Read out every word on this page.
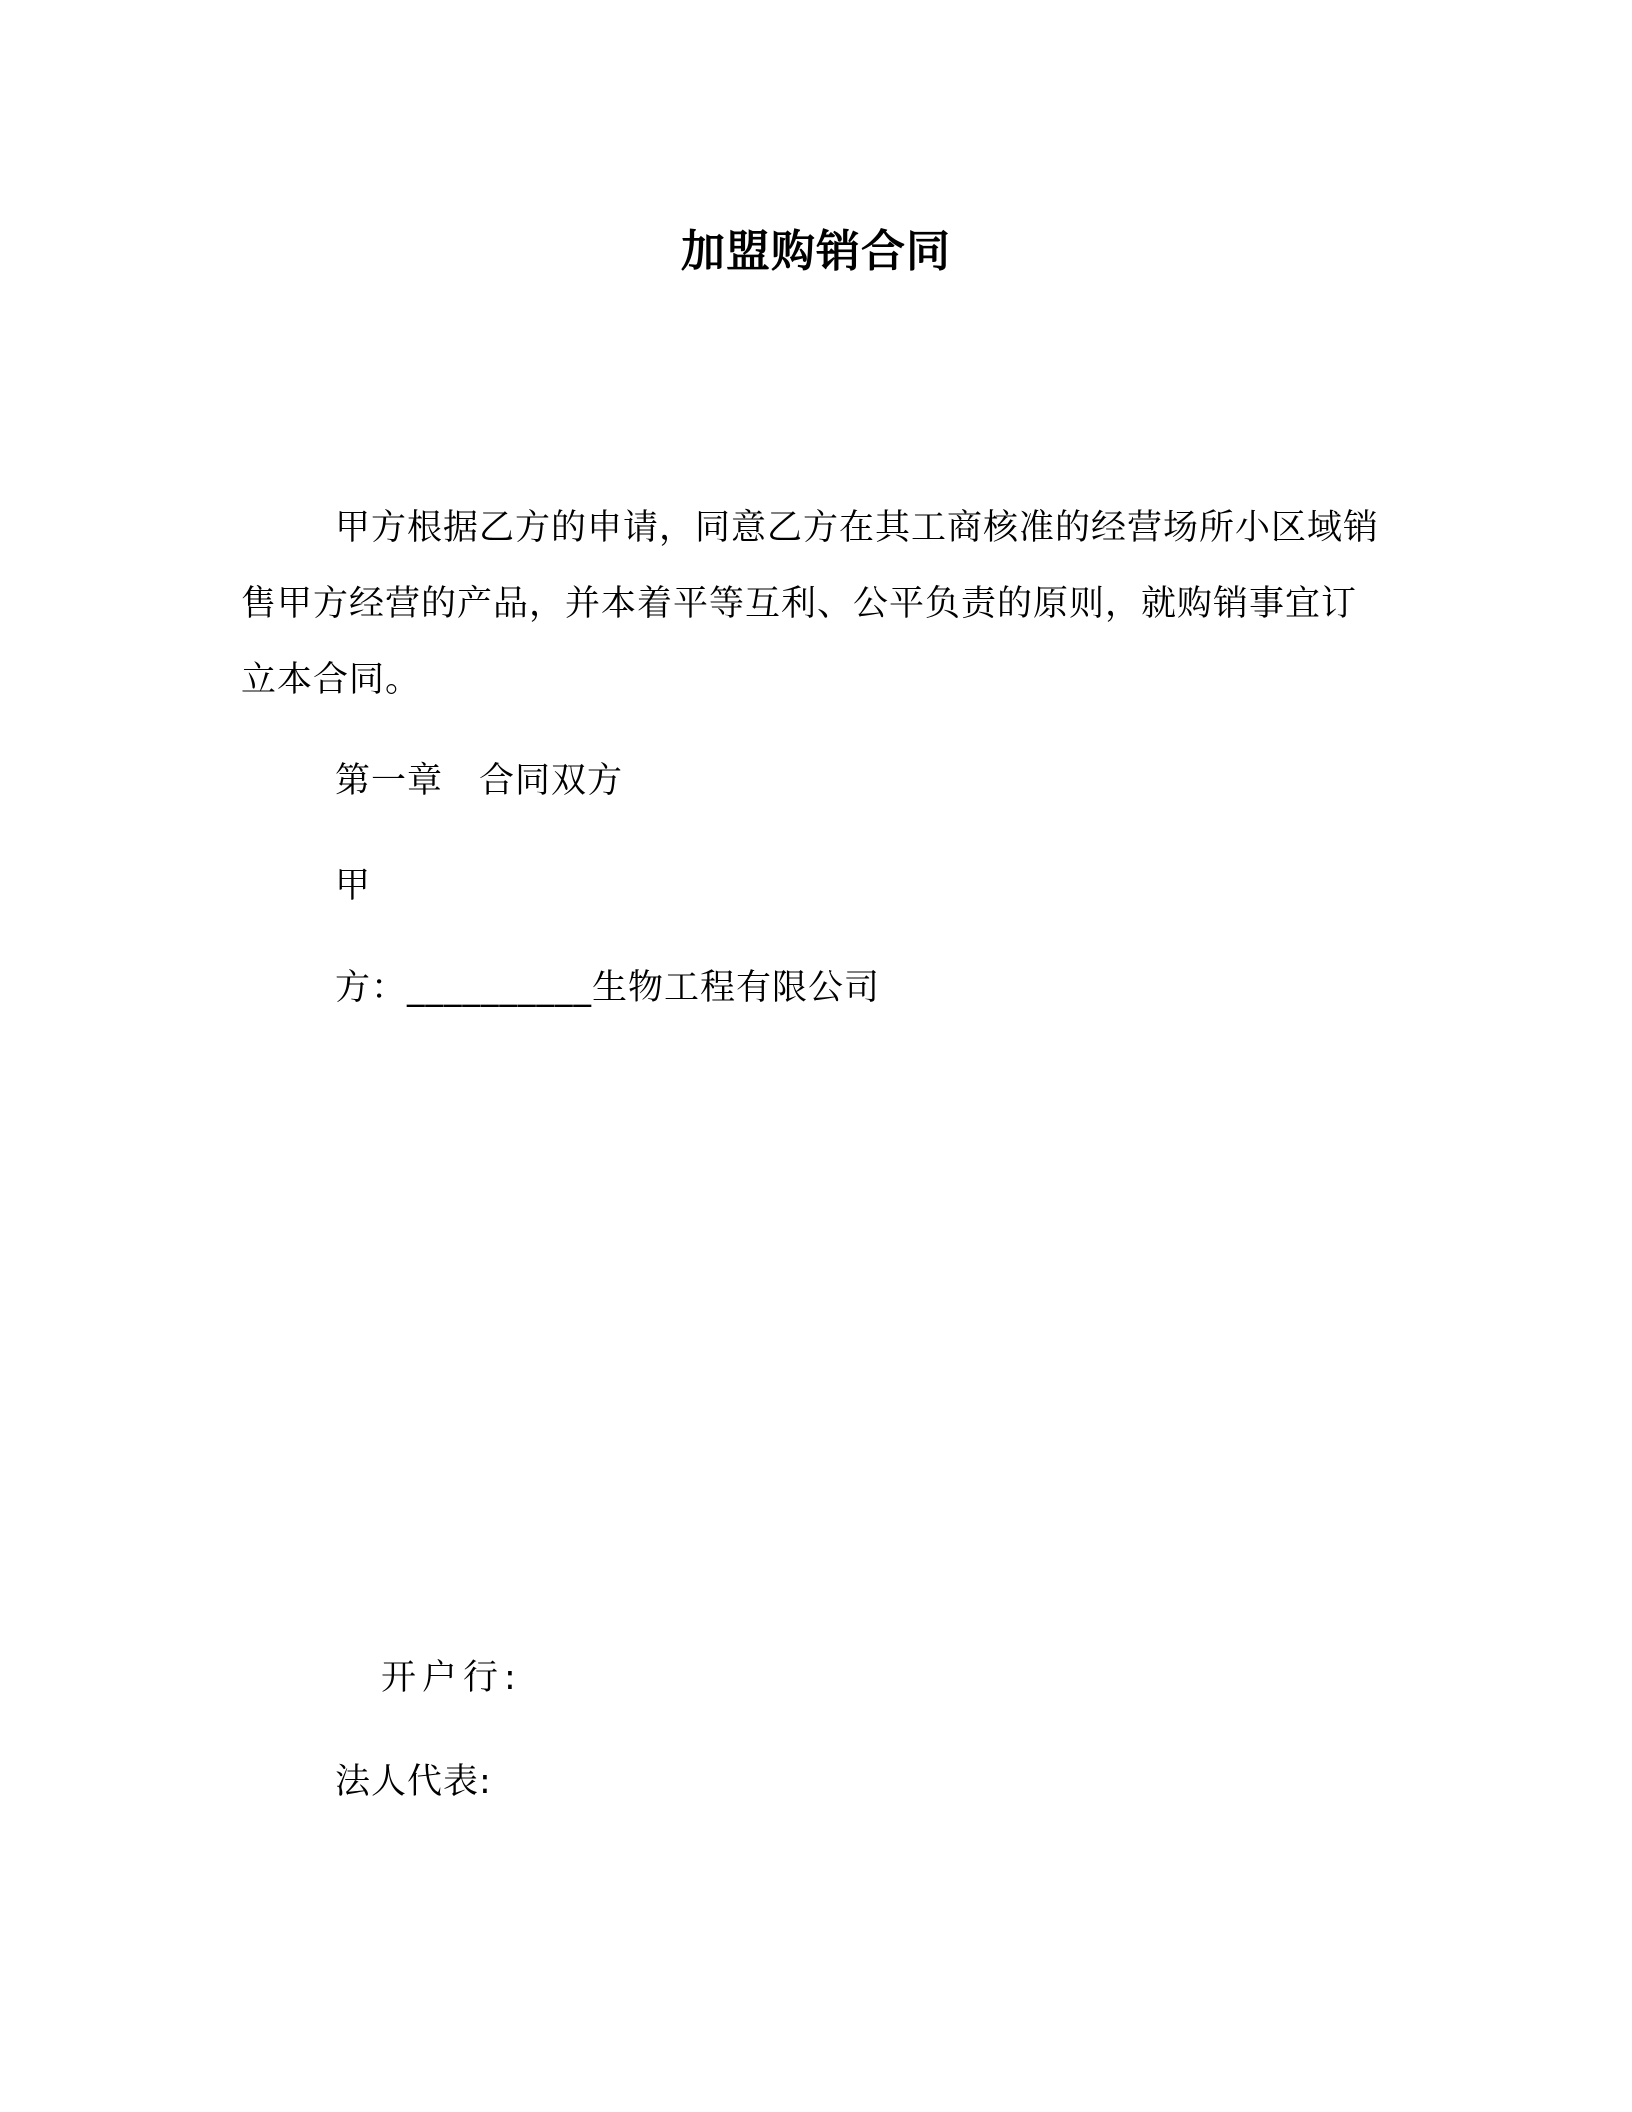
加盟购销合同

甲方根据乙方的申请，同意乙方在其工商核准的经营场所小区域销售甲方经营的产品，并本着平等互利、公平负责的原则，就购销事宜订立本合同。

第一章　合同双方
甲
方：__________生物工程有限公司
开户行:
法人代表:
